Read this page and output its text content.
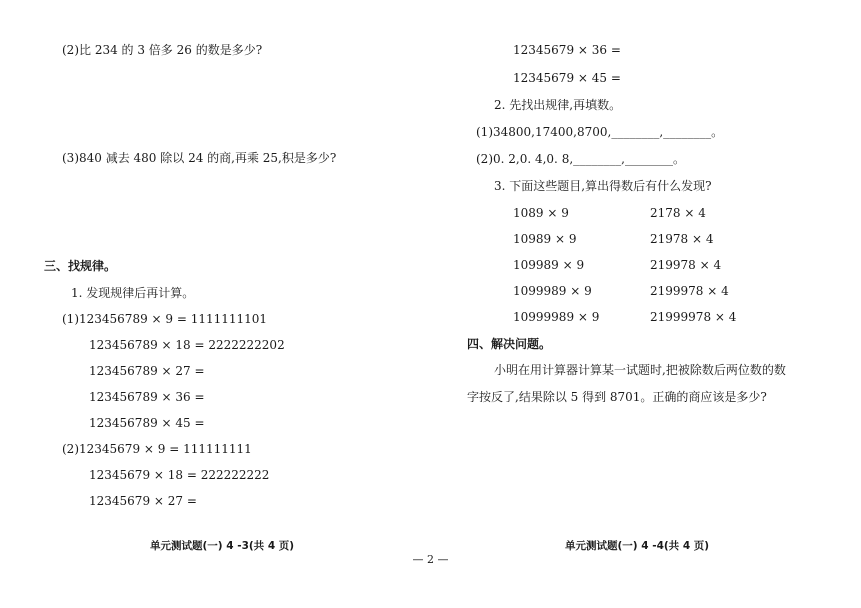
(2)比 234 的 3 倍多 26 的数是多少?
(3)840 减去 480 除以 24 的商,再乘 25,积是多少?
三、找规律。
1. 发现规律后再计算。
(1)123456789 × 9 = 1111111101
123456789 × 18 = 2222222202
123456789 × 27 =
123456789 × 36 =
123456789 × 45 =
(2)12345679 × 9 = 111111111
12345679 × 18 = 222222222
12345679 × 27 =
单元测试题(一) 4 -3(共 4 页)
12345679 × 36 =
12345679 × 45 =
2. 先找出规律,再填数。
(1)34800,17400,8700,________,________。
(2)0. 2,0. 4,0. 8,________,________。
3. 下面这些题目,算出得数后有什么发现?
1089 × 9
10989 × 9
109989 × 9
1099989 × 9
10999989 × 9
2178 × 4
21978 × 4
219978 × 4
2199978 × 4
21999978 × 4
四、解决问题。
小明在用计算器计算某一试题时,把被除数后两位数的数
字按反了,结果除以 5 得到 8701。正确的商应该是多少?
单元测试题(一) 4 -4(共 4 页)
— 2 —
